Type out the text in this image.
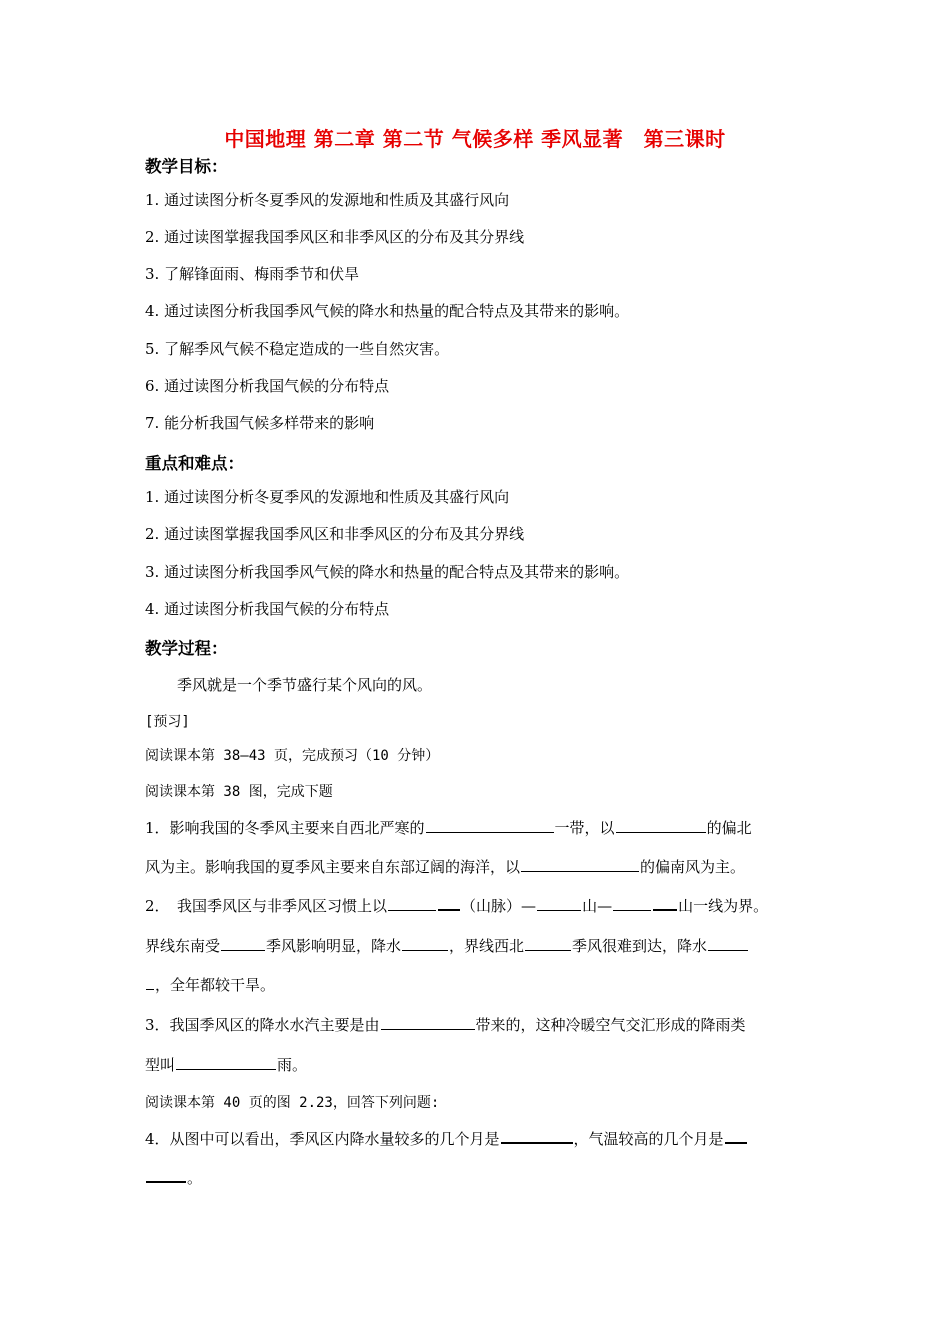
中国地理 第二章 第二节 气候多样 季风显著　第三课时
教学目标：
1. 通过读图分析冬夏季风的发源地和性质及其盛行风向
2. 通过读图掌握我国季风区和非季风区的分布及其分界线
3. 了解锋面雨、梅雨季节和伏旱
4. 通过读图分析我国季风气候的降水和热量的配合特点及其带来的影响。
5. 了解季风气候不稳定造成的一些自然灾害。
6. 通过读图分析我国气候的分布特点
7. 能分析我国气候多样带来的影响
重点和难点：
1. 通过读图分析冬夏季风的发源地和性质及其盛行风向
2. 通过读图掌握我国季风区和非季风区的分布及其分界线
3. 通过读图分析我国季风气候的降水和热量的配合特点及其带来的影响。
4. 通过读图分析我国气候的分布特点
教学过程：
季风就是一个季节盛行某个风向的风。
[预习]
阅读课本第 38―43 页，完成预习（10 分钟）
阅读课本第 38 图，完成下题
1．影响我国的冬季风主要来自西北严寒的	一带，以	的偏北
风为主。影响我国的夏季风主要来自东部辽阔的海洋，以	的偏南风为主。
2．　我国季风区与非季风区习惯上以	（山脉）—	山—	山一线为界。
界线东南受	季风影响明显，降水	，界线西北	季风很难到达，降水
，全年都较干旱。
3．我国季风区的降水水汽主要是由	带来的，这种冷暖空气交汇形成的降雨类
型叫	雨。
阅读课本第 40 页的图 2.23，回答下列问题:
4．从图中可以看出，季风区内降水量较多的几个月是	，气温较高的几个月是
。
